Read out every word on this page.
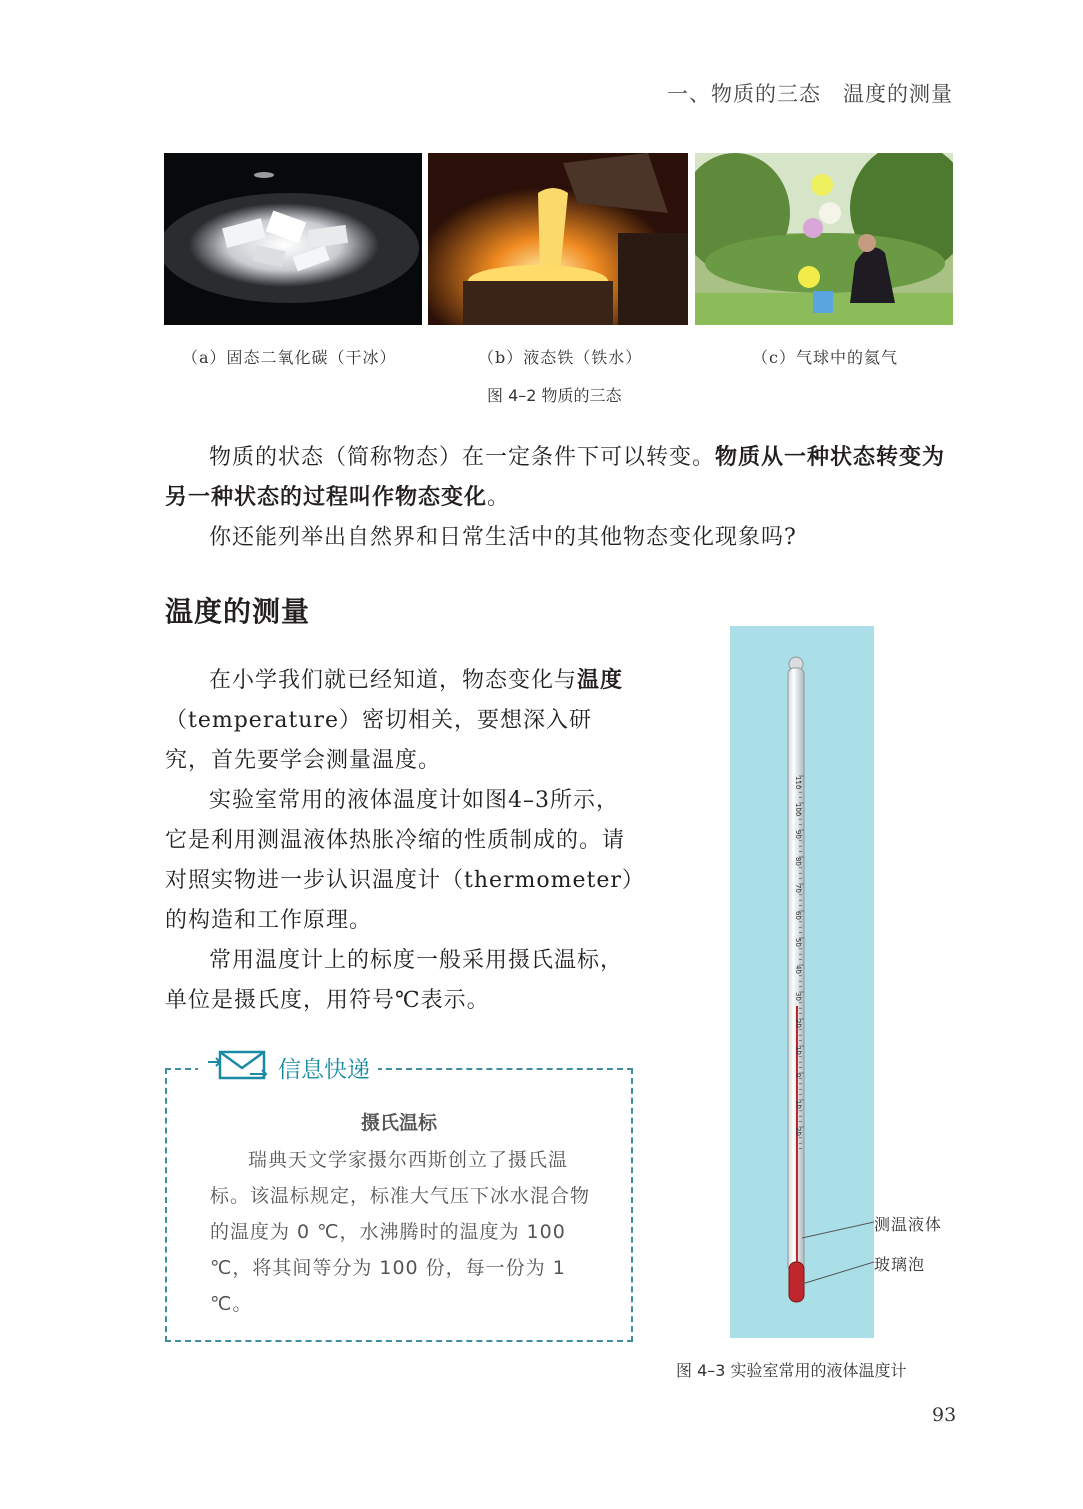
一、物质的三态　温度的测量
（a）固态二氧化碳（干冰）	（b）液态铁（铁水）	（c）气球中的氦气
图 4–2 物质的三态

物质的状态（简称物态）在一定条件下可以转变。物质从一种状态转变为另一种状态的过程叫作物态变化。

你还能列举出自然界和日常生活中的其他物态变化现象吗?

温度的测量

在小学我们就已经知道，物态变化与温度（temperature）密切相关，要想深入研究，首先要学会测量温度。

实验室常用的液体温度计如图4–3所示，它是利用测温液体热胀冷缩的性质制成的。请对照实物进一步认识温度计（thermometer）的构造和工作原理。

常用温度计上的标度一般采用摄氏温标，单位是摄氏度，用符号℃表示。

信息快递
摄氏温标
瑞典天文学家摄尔西斯创立了摄氏温标。该温标规定，标准大气压下冰水混合物的温度为 0 ℃，水沸腾时的温度为 100 ℃，将其间等分为 100 份，每一份为 1 ℃。
110
100
90
80
70
60
50
40
30
20
10
0
10
20
测温液体
玻璃泡
图 4–3 实验室常用的液体温度计
93
